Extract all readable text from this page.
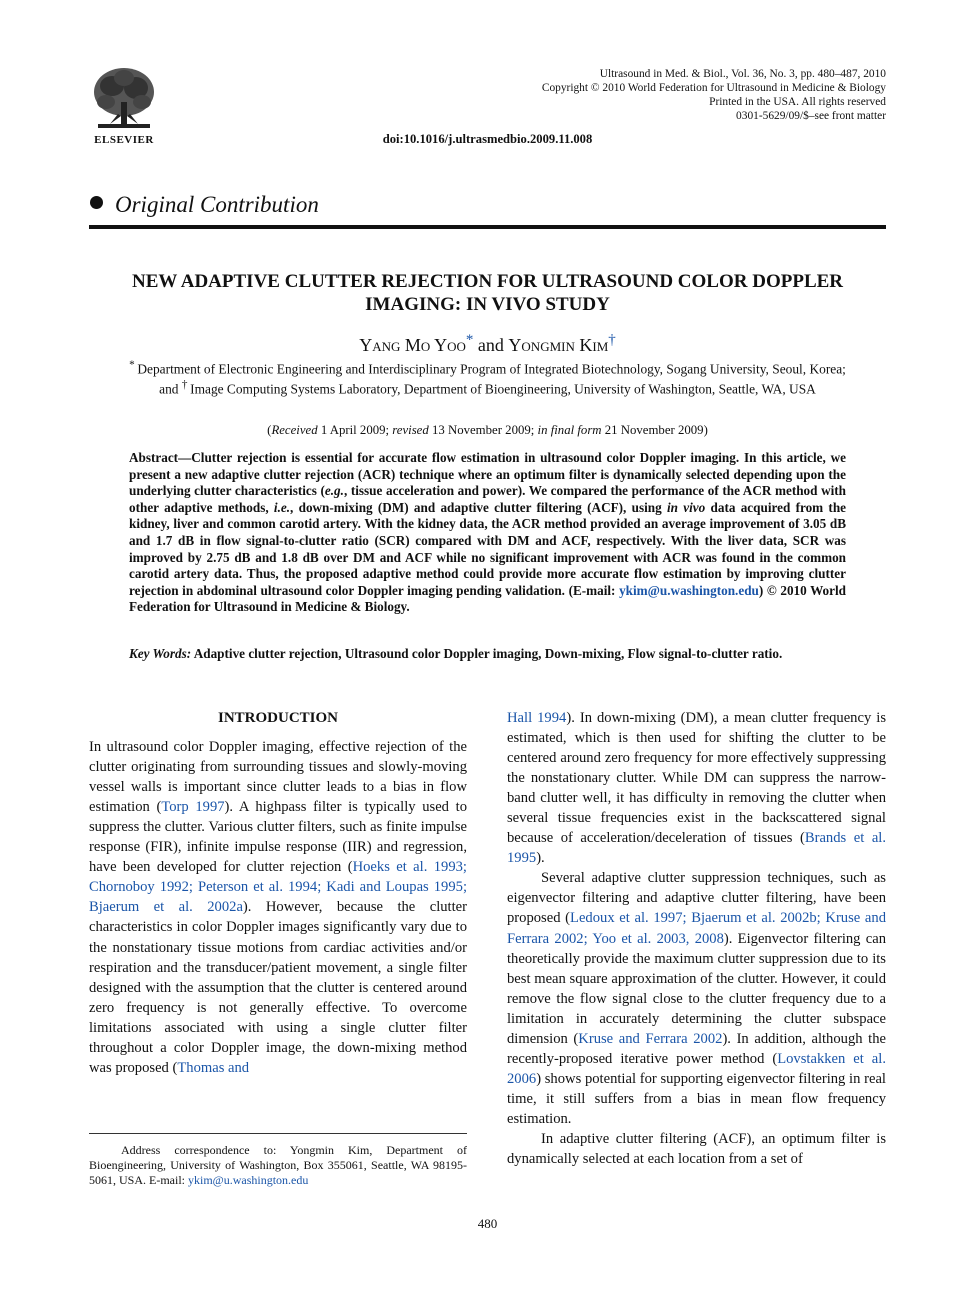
ELSEVIER
Ultrasound in Med. & Biol., Vol. 36, No. 3, pp. 480–487, 2010
Copyright © 2010 World Federation for Ultrasound in Medicine & Biology
Printed in the USA. All rights reserved
0301-5629/09/$–see front matter
doi:10.1016/j.ultrasmedbio.2009.11.008
Original Contribution
NEW ADAPTIVE CLUTTER REJECTION FOR ULTRASOUND COLOR DOPPLER
IMAGING: IN VIVO STUDY
Yang Mo Yoo* and Yongmin Kim†
*  Department of Electronic Engineering and Interdisciplinary Program of Integrated Biotechnology, Sogang University, Seoul, Korea; and †  Image Computing Systems Laboratory, Department of Bioengineering, University of Washington, Seattle, WA, USA
(Received 1 April 2009; revised 13 November 2009; in final form 21 November 2009)
Abstract—Clutter rejection is essential for accurate flow estimation in ultrasound color Doppler imaging. In this article, we present a new adaptive clutter rejection (ACR) technique where an optimum filter is dynamically selected depending upon the underlying clutter characteristics (e.g., tissue acceleration and power). We compared the performance of the ACR method with other adaptive methods, i.e., down-mixing (DM) and adaptive clutter filtering (ACF), using in vivo data acquired from the kidney, liver and common carotid artery. With the kidney data, the ACR method provided an average improvement of 3.05 dB and 1.7 dB in flow signal-to-clutter ratio (SCR) compared with DM and ACF, respectively. With the liver data, SCR was improved by 2.75 dB and 1.8 dB over DM and ACF while no significant improvement with ACR was found in the common carotid artery data. Thus, the proposed adaptive method could provide more accurate flow estimation by improving clutter rejection in abdominal ultrasound color Doppler imaging pending validation. (E-mail: ykim@u.washington.edu) © 2010 World Federation for Ultrasound in Medicine & Biology.
Key Words: Adaptive clutter rejection, Ultrasound color Doppler imaging, Down-mixing, Flow signal-to-clutter ratio.
INTRODUCTION

In ultrasound color Doppler imaging, effective rejection of the clutter originating from surrounding tissues and slowly-moving vessel walls is important since clutter leads to a bias in flow estimation (Torp 1997). A highpass filter is typically used to suppress the clutter. Various clutter filters, such as finite impulse response (FIR), infinite impulse response (IIR) and regression, have been developed for clutter rejection (Hoeks et al. 1993; Chornoboy 1992; Peterson et al. 1994; Kadi and Loupas 1995; Bjaerum et al. 2002a). However, because the clutter characteristics in color Doppler images significantly vary due to the nonstationary tissue motions from cardiac activities and/or respiration and the transducer/patient movement, a single filter designed with the assumption that the clutter is centered around zero frequency is not generally effective. To overcome limitations associated with using a single clutter filter throughout a color Doppler image, the down-mixing method was proposed (Thomas and

Hall 1994). In down-mixing (DM), a mean clutter frequency is estimated, which is then used for shifting the clutter to be centered around zero frequency for more effectively suppressing the nonstationary clutter. While DM can suppress the narrow-band clutter well, it has difficulty in removing the clutter when several tissue frequencies exist in the backscattered signal because of acceleration/deceleration of tissues (Brands et al. 1995).

Several adaptive clutter suppression techniques, such as eigenvector filtering and adaptive clutter filtering, have been proposed (Ledoux et al. 1997; Bjaerum et al. 2002b; Kruse and Ferrara 2002; Yoo et al. 2003, 2008). Eigenvector filtering can theoretically provide the maximum clutter suppression due to its best mean square approximation of the clutter. However, it could remove the flow signal close to the clutter frequency due to a limitation in accurately determining the clutter subspace dimension (Kruse and Ferrara 2002). In addition, although the recently-proposed iterative power method (Lovstakken et al. 2006) shows potential for supporting eigenvector filtering in real time, it still suffers from a bias in mean flow frequency estimation.

In adaptive clutter filtering (ACF), an optimum filter is dynamically selected at each location from a set of

Address correspondence to: Yongmin Kim, Department of Bioengineering, University of Washington, Box 355061, Seattle, WA 98195-5061, USA. E-mail: ykim@u.washington.edu
480
